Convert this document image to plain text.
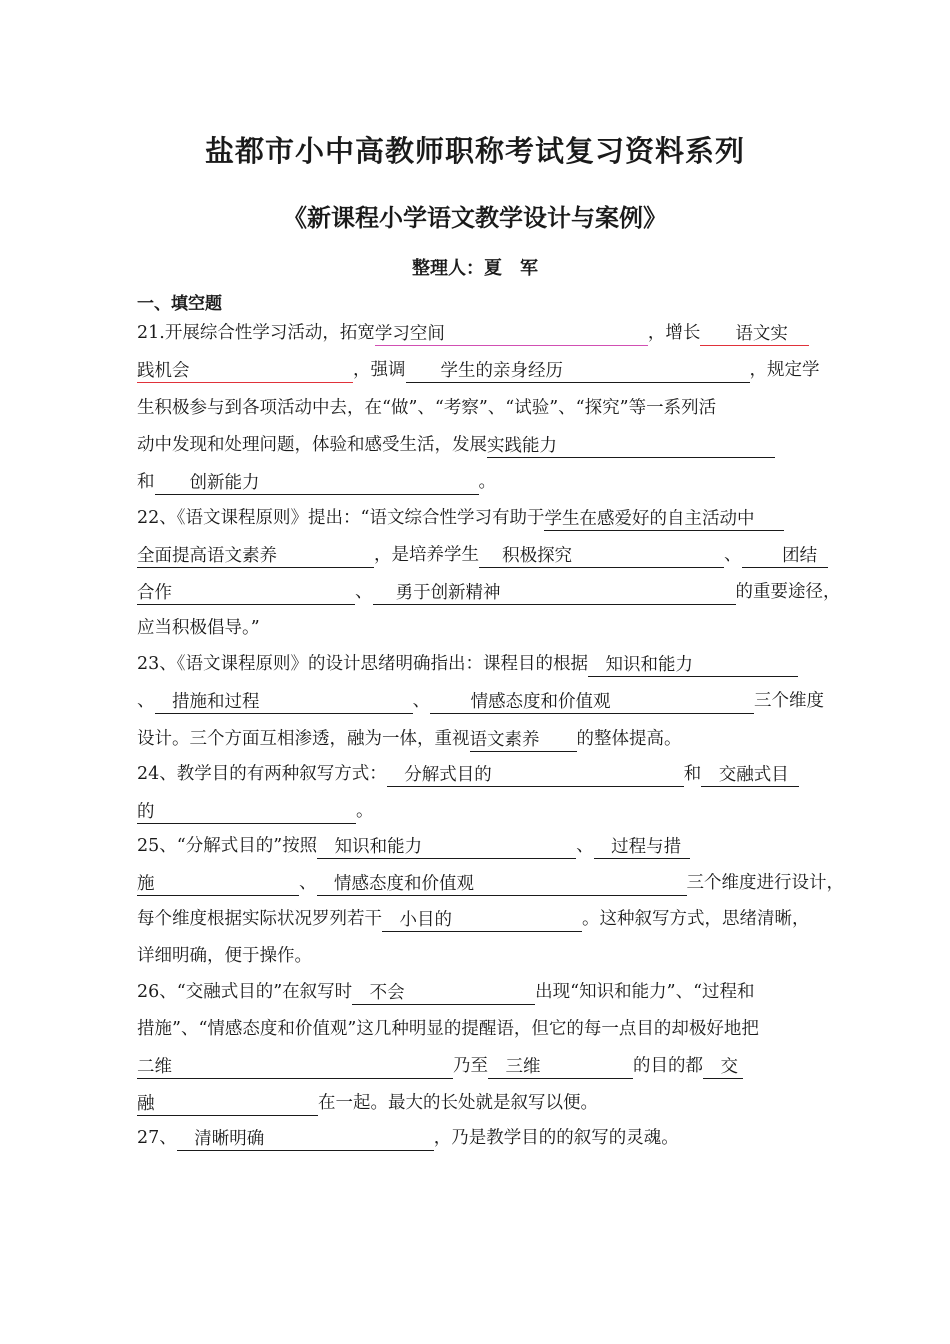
盐都市小中高教师职称考试复习资料系列
《新课程小学语文教学设计与案例》
整理人：夏　军
一、填空题
21.开展综合性学习活动，拓宽学习空间	，增长　　语文实
践机会	，强调　　学生的亲身经历	，规定学
生积极参与到各项活动中去，在“做”、“考察”、“试验”、“探究”等一系列活
动中发现和处理问题，体验和感受生活，发展实践能力
和　　创新能力	。
22、《语文课程原则》提出：“语文综合性学习有助于学生在感爱好的自主活动中
全面提高语文素养	，是培养学生　 积极探究	、　　 团结
合作	、　 勇于创新精神	的重要途径，
应当积极倡导。”
23、《语文课程原则》的设计思绪明确指出：课程目的根据　知识和能力
、　措施和过程	、　　 情感态度和价值观	三个维度
设计。三个方面互相渗透，融为一体，重视语文素养 的整体提高。
24、教学目的有两种叙写方式：　分解式目的	和　交融式目
的	。
25、“分解式目的”按照　知识和能力	、　过程与措
施	、　情感态度和价值观	三个维度进行设计，
每个维度根据实际状况罗列若干　小目的	。这种叙写方式，思绪清晰，
详细明确，便于操作。
26、“交融式目的”在叙写时　不会	出现“知识和能力”、“过程和
措施”、“情感态度和价值观”这几种明显的提醒语，但它的每一点目的却极好地把
二维	乃至　三维	的目的都　交
融	在一起。最大的长处就是叙写以便。
27、　清晰明确	，乃是教学目的的叙写的灵魂。
